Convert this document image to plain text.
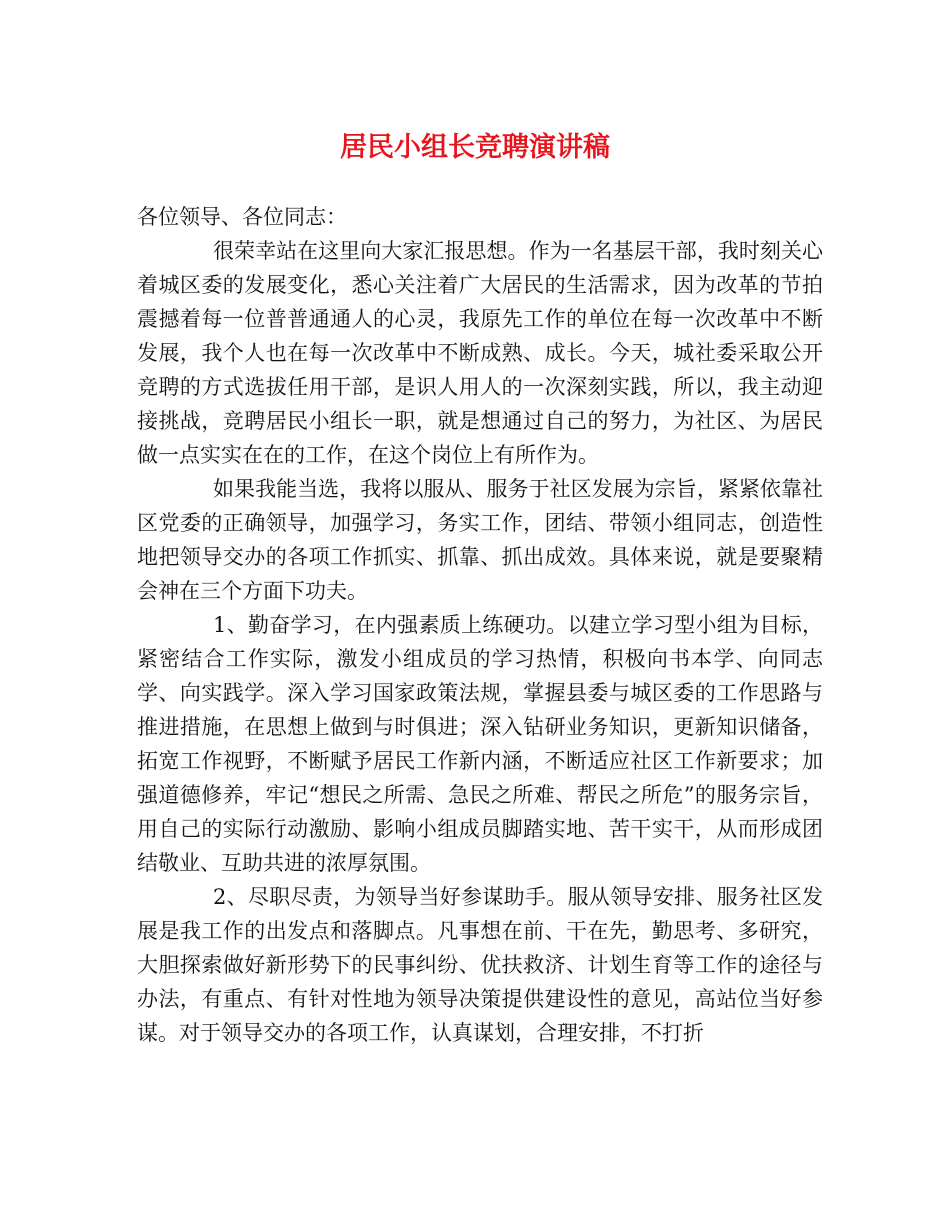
居民小组长竞聘演讲稿

各位领导、各位同志：

很荣幸站在这里向大家汇报思想。作为一名基层干部，我时刻关心着城区委的发展变化，悉心关注着广大居民的生活需求，因为改革的节拍震撼着每一位普普通通人的心灵，我原先工作的单位在每一次改革中不断发展，我个人也在每一次改革中不断成熟、成长。今天，城社委采取公开竞聘的方式选拔任用干部，是识人用人的一次深刻实践，所以，我主动迎接挑战，竞聘居民小组长一职，就是想通过自己的努力，为社区、为居民做一点实实在在的工作，在这个岗位上有所作为。

如果我能当选，我将以服从、服务于社区发展为宗旨，紧紧依靠社区党委的正确领导，加强学习，务实工作，团结、带领小组同志，创造性地把领导交办的各项工作抓实、抓靠、抓出成效。具体来说，就是要聚精会神在三个方面下功夫。

1、勤奋学习，在内强素质上练硬功。以建立学习型小组为目标，紧密结合工作实际，激发小组成员的学习热情，积极向书本学、向同志学、向实践学。深入学习国家政策法规，掌握县委与城区委的工作思路与推进措施，在思想上做到与时俱进；深入钻研业务知识，更新知识储备，拓宽工作视野，不断赋予居民工作新内涵，不断适应社区工作新要求；加强道德修养，牢记“想民之所需、急民之所难、帮民之所危”的服务宗旨，用自己的实际行动激励、影响小组成员脚踏实地、苦干实干，从而形成团结敬业、互助共进的浓厚氛围。

2、尽职尽责，为领导当好参谋助手。服从领导安排、服务社区发展是我工作的出发点和落脚点。凡事想在前、干在先，勤思考、多研究，大胆探索做好新形势下的民事纠纷、优扶救济、计划生育等工作的途径与办法，有重点、有针对性地为领导决策提供建设性的意见，高站位当好参谋。对于领导交办的各项工作，认真谋划，合理安排，不打折
